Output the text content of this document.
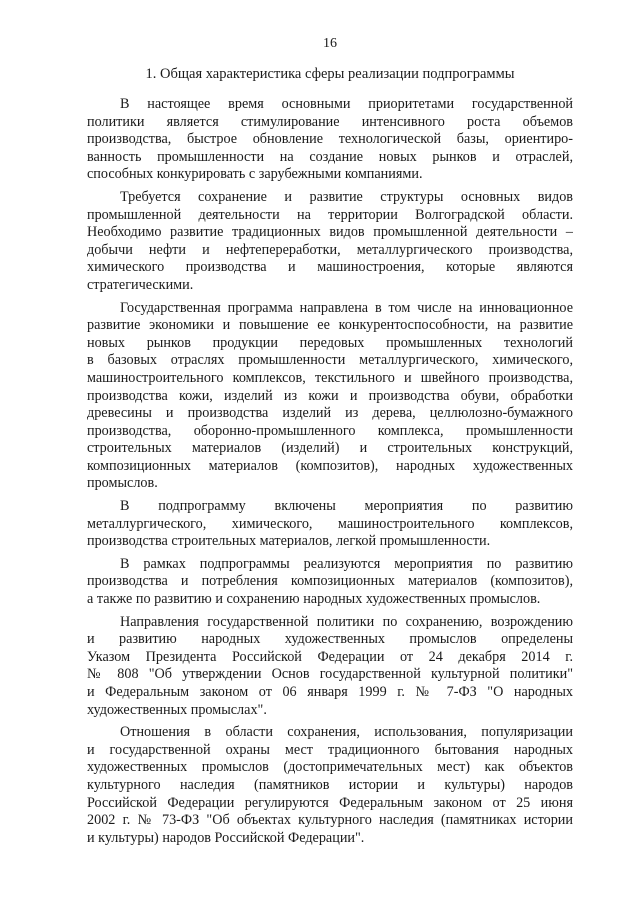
16
1. Общая характеристика сферы реализации подпрограммы
В настоящее время основными приоритетами государственной
политики является стимулирование интенсивного роста объемов
производства, быстрое обновление технологической базы, ориентиро-
ванность промышленности на создание новых рынков и отраслей,
способных конкурировать с зарубежными компаниями.
Требуется сохранение и развитие структуры основных видов
промышленной деятельности на территории Волгоградской области.
Необходимо развитие традиционных видов промышленной деятельности –
добычи нефти и нефтепереработки, металлургического производства,
химического производства и машиностроения, которые являются
стратегическими.
Государственная программа направлена в том числе на инновационное
развитие экономики и повышение ее конкурентоспособности, на развитие
новых рынков продукции передовых промышленных технологий
в базовых отраслях промышленности металлургического, химического,
машиностроительного комплексов, текстильного и швейного производства,
производства кожи, изделий из кожи и производства обуви, обработки
древесины и производства изделий из дерева, целлюлозно-бумажного
производства, оборонно-промышленного комплекса, промышленности
строительных материалов (изделий) и строительных конструкций,
композиционных материалов (композитов), народных художественных
промыслов.
В подпрограмму включены мероприятия по развитию
металлургического, химического, машиностроительного комплексов,
производства строительных материалов, легкой промышленности.
В рамках подпрограммы реализуются мероприятия по развитию
производства и потребления композиционных материалов (композитов),
а также по развитию и сохранению народных художественных промыслов.
Направления государственной политики по сохранению, возрождению
и развитию народных художественных промыслов определены
Указом Президента Российской Федерации от 24 декабря 2014 г.
№ 808 "Об утверждении Основ государственной культурной политики"
и Федеральным законом от 06 января 1999 г. № 7-ФЗ "О народных
художественных промыслах".
Отношения в области сохранения, использования, популяризации
и государственной охраны мест традиционного бытования народных
художественных промыслов (достопримечательных мест) как объектов
культурного наследия (памятников истории и культуры) народов
Российской Федерации регулируются Федеральным законом от 25 июня
2002 г. № 73-ФЗ "Об объектах культурного наследия (памятниках истории
и культуры) народов Российской Федерации".
